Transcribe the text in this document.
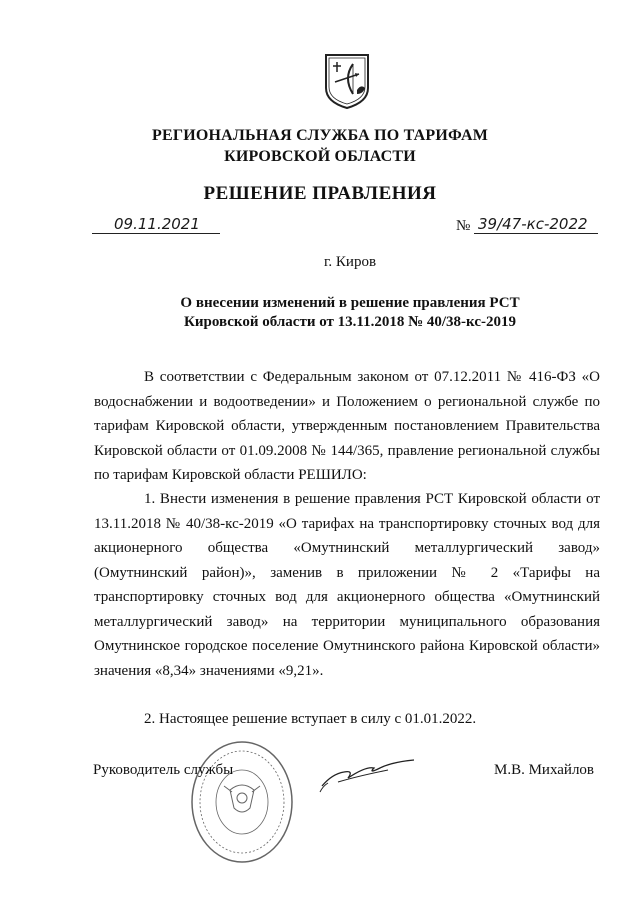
РЕГИОНАЛЬНАЯ СЛУЖБА ПО ТАРИФАМ
КИРОВСКОЙ ОБЛАСТИ
РЕШЕНИЕ ПРАВЛЕНИЯ
09.11.2021	№ 39/47-кс-2022
г. Киров
О внесении изменений в решение правления РСТ
Кировской области от 13.11.2018 № 40/38-кс-2019

В соответствии с Федеральным законом от 07.12.2011 № 416-ФЗ «О водоснабжении и водоотведении» и Положением о региональной службе по тарифам Кировской области, утвержденным постановлением Правительства Кировской области от 01.09.2008 № 144/365, правление региональной службы по тарифам Кировской области РЕШИЛО:

1. Внести изменения в решение правления РСТ Кировской области от 13.11.2018 № 40/38-кс-2019 «О тарифах на транспортировку сточных вод для акционерного общества «Омутнинский металлургический завод» (Омутнинский район)», заменив в приложении № 2 «Тарифы на транспортировку сточных вод для акционерного общества «Омутнинский металлургический завод» на территории муниципального образования Омутнинское городское поселение Омутнинского района Кировской области» значения «8,34» значениями «9,21».

2. Настоящее решение вступает в силу с 01.01.2022.

Руководитель службы	М.В. Михайлов
